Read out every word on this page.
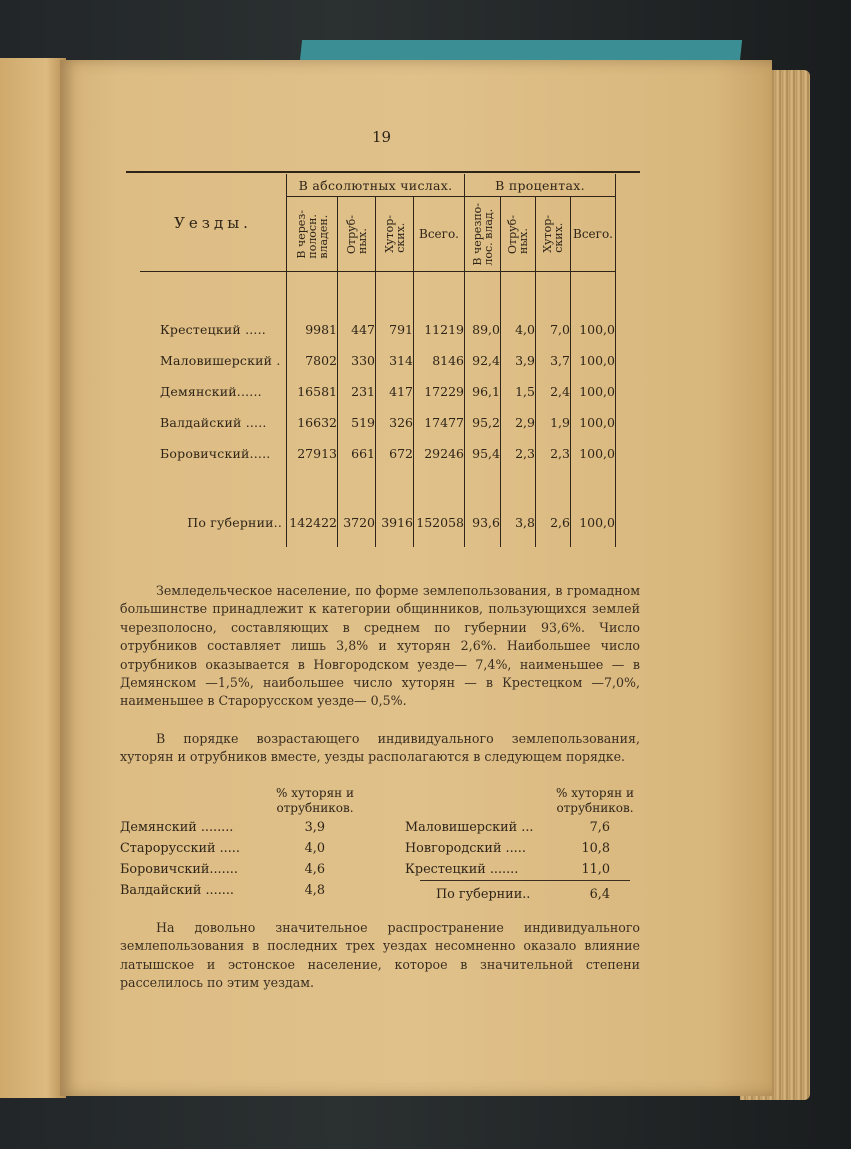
19
Уезды.	В абсолютных числах.				В процентах.			

	В через-
полосн.
владен.	Отруб-
ных.	Хутор-
ских.	Всего.	В черезпо-
лос. влад.	Отруб-
ных.	Хутор-
ских.	Всего.

Крестецкий .....	9981	447	791	11219	89,0	4,0	7,0	100,0
Маловишерский .	7802	330	314	8146	92,4	3,9	3,7	100,0
Демянский......	16581	231	417	17229	96,1	1,5	2,4	100,0
Валдайский .....	16632	519	326	17477	95,2	2,9	1,9	100,0
Боровичский.....	27913	661	672	29246	95,4	2,3	2,3	100,0

По губернии..	142422	3720	3916	152058	93,6	3,8	2,6	100,0
Земледельческое население, по форме землепользования, в громадном большинстве принадлежит к категории общинников, пользующихся землей черезполосно, составляющих в среднем по губернии 93,6%. Число отрубников составляет лишь 3,8% и хуторян 2,6%. Наибольшее число отрубников оказывается в Новгородском уезде— 7,4%, наименьшее — в Демянском —1,5%, наибольшее число хуторян — в Крестецком —7,0%, наименьшее в Старорусском уезде— 0,5%.
В порядке возрастающего индивидуального землепользования, хуторян и отрубников вместе, уезды располагаются в следующем порядке.
% хуторян и
отрубников.
% хуторян и
отрубников.
Демянский ........	3,9
Старорусский .....	4,0
Боровичский.......	4,6
Валдайский .......	4,8
Маловишерский ...	7,6
Новгородский .....	10,8
Крестецкий .......	11,0
По губернии..	6,4
На довольно значительное распространение индивидуального землепользования в последних трех уездах несомненно оказало влияние латышское и эстонское население, которое в значительной степени расселилось по этим уездам.
